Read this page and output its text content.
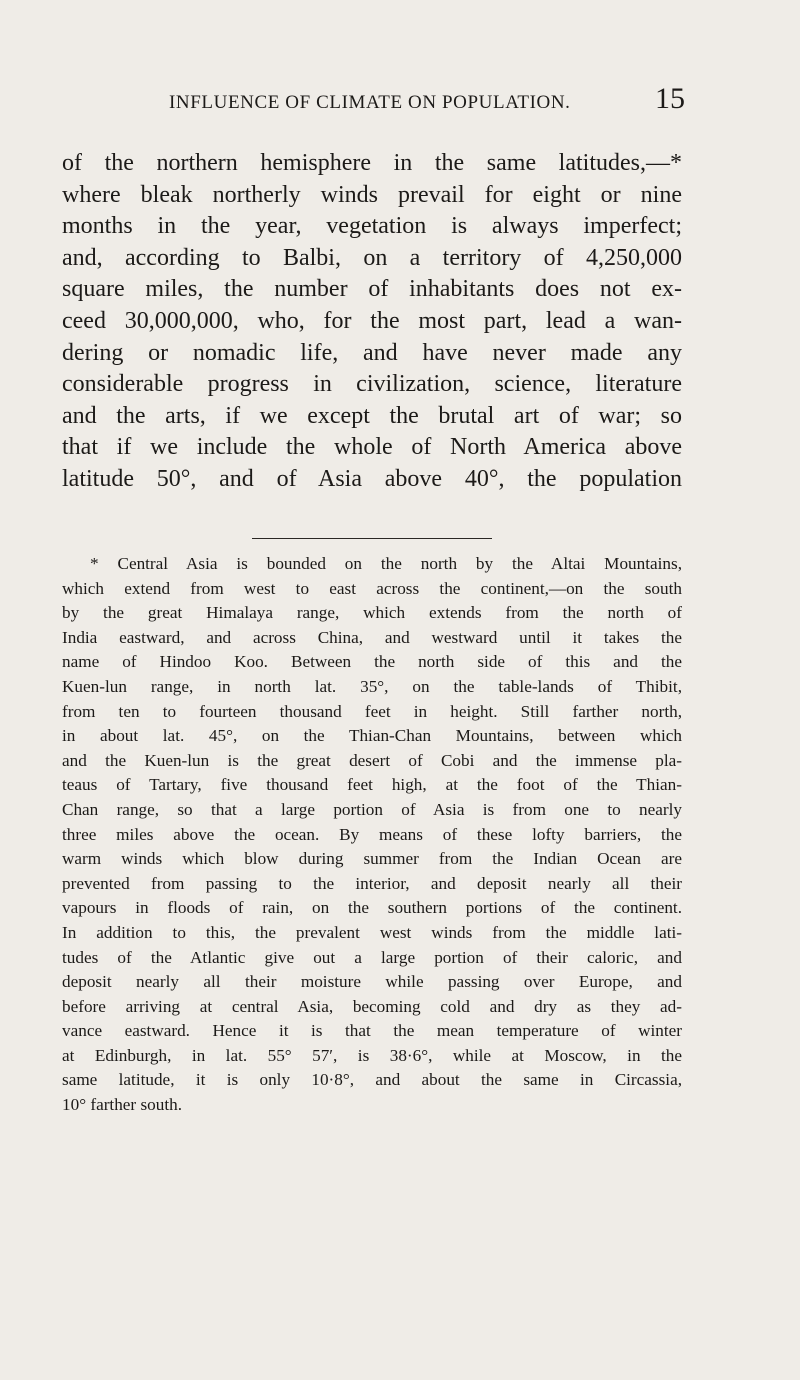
INFLUENCE OF CLIMATE ON POPULATION.	15
of the northern hemisphere in the same latitudes,—*
where bleak northerly winds prevail for eight or nine
months in the year, vegetation is always imperfect;
and, according to Balbi, on a territory of 4,250,000
square miles, the number of inhabitants does not ex-
ceed 30,000,000, who, for the most part, lead a wan-
dering or nomadic life, and have never made any
considerable progress in civilization, science, literature
and the arts, if we except the brutal art of war; so
that if we include the whole of North America above
latitude 50°, and of Asia above 40°, the population
* Central Asia is bounded on the north by the Altai Mountains,
which extend from west to east across the continent,—on the south
by the great Himalaya range, which extends from the north of
India eastward, and across China, and westward until it takes the
name of Hindoo Koo. Between the north side of this and the
Kuen-lun range, in north lat. 35°, on the table-lands of Thibit,
from ten to fourteen thousand feet in height. Still farther north,
in about lat. 45°, on the Thian-Chan Mountains, between which
and the Kuen-lun is the great desert of Cobi and the immense pla-
teaus of Tartary, five thousand feet high, at the foot of the Thian-
Chan range, so that a large portion of Asia is from one to nearly
three miles above the ocean. By means of these lofty barriers, the
warm winds which blow during summer from the Indian Ocean are
prevented from passing to the interior, and deposit nearly all their
vapours in floods of rain, on the southern portions of the continent.
In addition to this, the prevalent west winds from the middle lati-
tudes of the Atlantic give out a large portion of their caloric, and
deposit nearly all their moisture while passing over Europe, and
before arriving at central Asia, becoming cold and dry as they ad-
vance eastward. Hence it is that the mean temperature of winter
at Edinburgh, in lat. 55° 57′, is 38·6°, while at Moscow, in the
same latitude, it is only 10·8°, and about the same in Circassia,
10° farther south.
